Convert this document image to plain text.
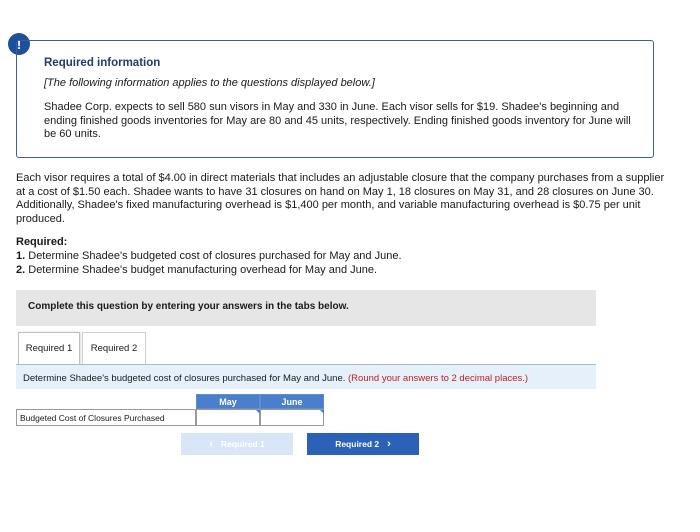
!
Required information
[The following information applies to the questions displayed below.]
Shadee Corp. expects to sell 580 sun visors in May and 330 in June. Each visor sells for $19. Shadee's beginning and ending finished goods inventories for May are 80 and 45 units, respectively. Ending finished goods inventory for June will be 60 units.
Each visor requires a total of $4.00 in direct materials that includes an adjustable closure that the company purchases from a supplier at a cost of $1.50 each. Shadee wants to have 31 closures on hand on May 1, 18 closures on May 31, and 28 closures on June 30. Additionally, Shadee's fixed manufacturing overhead is $1,400 per month, and variable manufacturing overhead is $0.75 per unit produced.
Required:
1. Determine Shadee's budgeted cost of closures purchased for May and June.
2. Determine Shadee's budget manufacturing overhead for May and June.
Complete this question by entering your answers in the tabs below.
Required 1	Required 2
Determine Shadee's budgeted cost of closures purchased for May and June. (Round your answers to 2 decimal places.)
May	June
Budgeted Cost of Closures Purchased
‹ Required 1	Required 2 ›
